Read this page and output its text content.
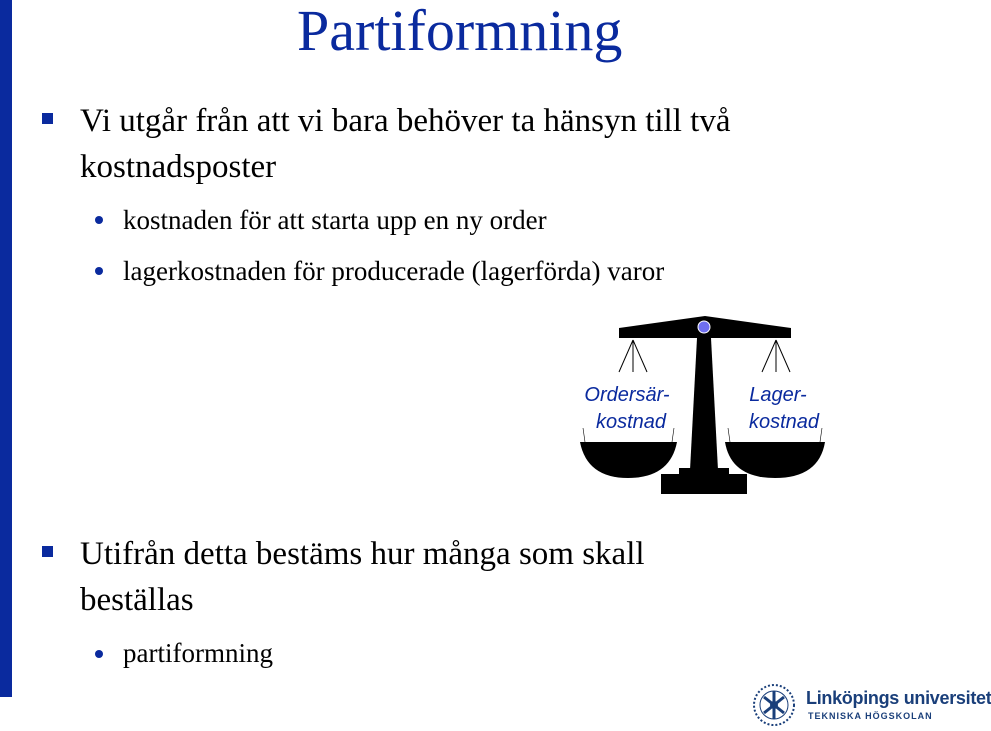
Partiformning
Vi utgår från att vi bara behöver ta hänsyn till två
kostnadsposter
kostnaden för att starta upp en ny order
lagerkostnaden för producerade (lagerförda) varor
Ordersär-
kostnad
Lager-
kostnad
Utifrån detta bestäms hur många som skall
beställas
partiformning
Linköpings universitet
TEKNISKA HÖGSKOLAN
